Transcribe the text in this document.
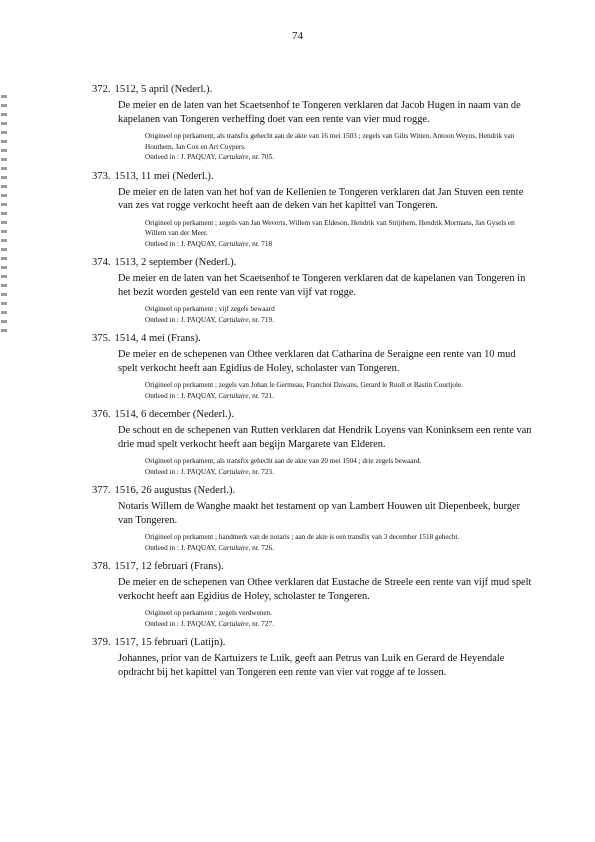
74
372. 1512, 5 april (Nederl.).

De meier en de laten van het Scaetsenhof te Tongeren verklaren dat Jacob Hugen in naam van de kapelanen van Tongeren verheffing doet van een rente van vier mud rogge.

Origineel op perkament, als transfix gehecht aan de akte van 16 mei 1503 ; zegels van Gilis Witten, Antoon Weyns, Hendrik van Houthem, Jan Cox en Art Cuypers.
Ontleed in : J. PAQUAY, Cartulaire, nr. 705.
373. 1513, 11 mei (Nederl.).

De meier en de laten van het hof van de Kellenien te Tongeren verklaren dat Jan Stuven een rente van zes vat rogge verkocht heeft aan de deken van het kapittel van Tongeren.

Origineel op perkament ; zegels van Jan Weverts, Willem van Eldeson, Hendrik van Strijthem, Hendrik Mormans, Jan Gysels en Willem van der Meer.
Ontleed in : J. PAQUAY, Cartulaire, nr. 718
374. 1513, 2 september (Nederl.).

De meier en de laten van het Scaetsenhof te Tongeren verklaren dat de kapelanen van Tongeren in het bezit worden gesteld van een rente van vijf vat rogge.

Origineel op perkament ; vijf zegels bewaard
Ontleed in : J. PAQUAY, Cartulaire, nr. 719.
375. 1514, 4 mei (Frans).

De meier en de schepenen van Othee verklaren dat Catharina de Seraigne een rente van 10 mud spelt verkocht heeft aan Egidius de Holey, scholaster van Tongeren.

Origineel op perkament ; zegels van Johan le Germeau, Franchoi Dawans, Gerard le Ruoll et Bastin Courtjole.
Ontleed in : J. PAQUAY, Cartulaire, nr. 721.
376. 1514, 6 december (Nederl.).

De schout en de schepenen van Rutten verklaren dat Hendrik Loyens van Koninksem een rente van drie mud spelt verkocht heeft aan begijn Margarete van Elderen.

Origineel op perkament, als transfix gehecht aan de akte van 20 mei 1504 ; drie zegels bewaard.
Ontleed in : J. PAQUAY, Cartulaire, nr. 723.
377. 1516, 26 augustus (Nederl.).

Notaris Willem de Wanghe maakt het testament op van Lambert Houwen uit Diepenbeek, burger van Tongeren.

Origineel op perkament ; handmerk van de notaris ; aan de akte is een transfix van 3 december 1518 gehecht.
Ontleed in : J. PAQUAY, Cartulaire, nr. 726.
378. 1517, 12 februari (Frans).

De meier en de schepenen van Othee verklaren dat Eustache de Streele een rente van vijf mud spelt verkocht heeft aan Egidius de Holey, scholaster te Tongeren.

Origineel op perkament ; zegels verdwenen.
Ontleed in : J. PAQUAY, Cartulaire, nr. 727.
379. 1517, 15 februari (Latijn).

Johannes, prior van de Kartuizers te Luik, geeft aan Petrus van Luik en Gerard de Heyendale opdracht bij het kapittel van Tongeren een rente van vier vat rogge af te lossen.
